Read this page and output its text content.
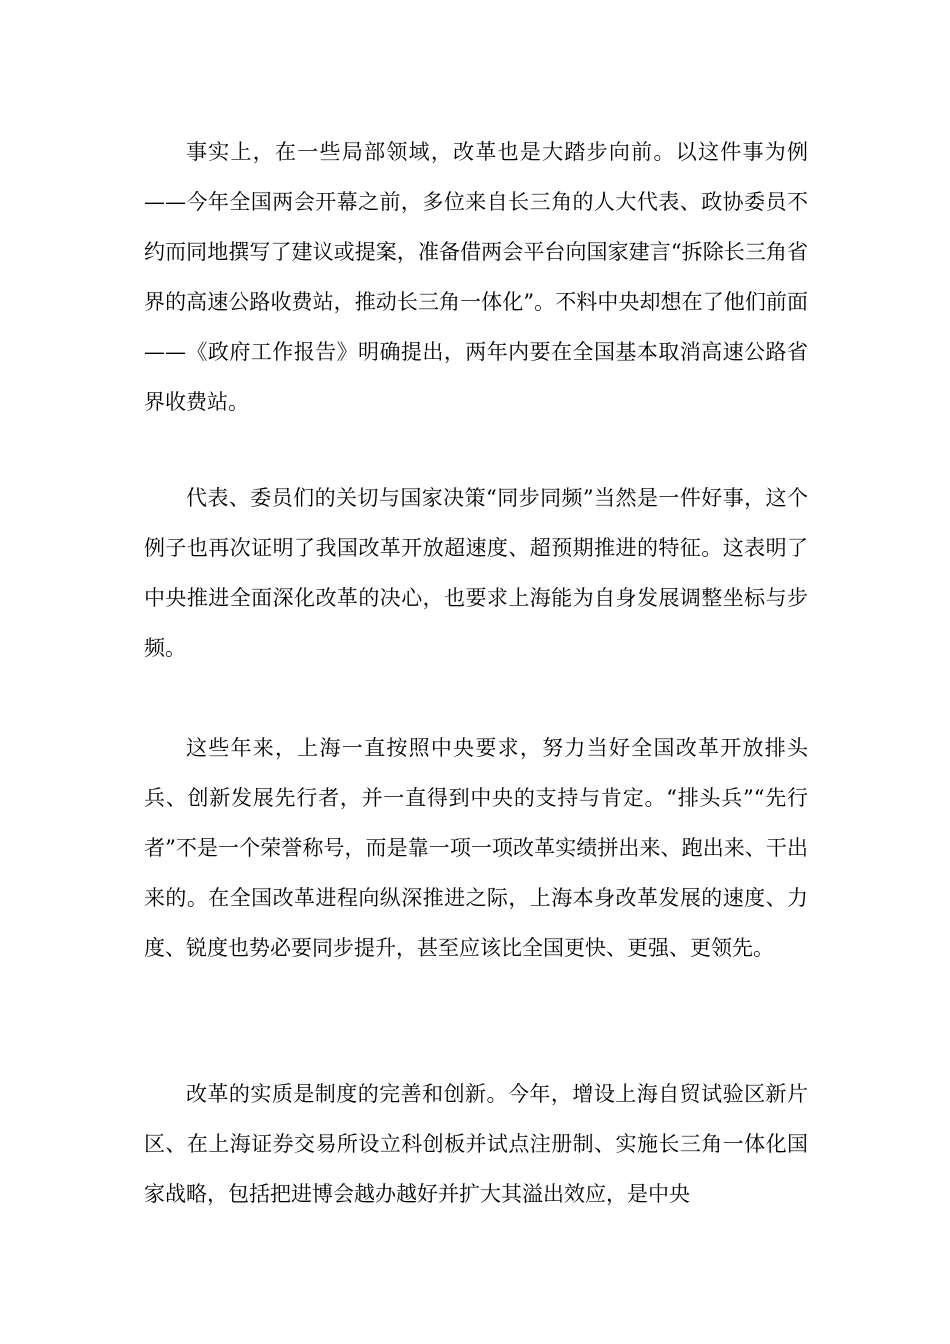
事实上，在一些局部领域，改革也是大踏步向前。以这件事为例——今年全国两会开幕之前，多位来自长三角的人大代表、政协委员不约而同地撰写了建议或提案，准备借两会平台向国家建言“拆除长三角省界的高速公路收费站，推动长三角一体化”。不料中央却想在了他们前面——《政府工作报告》明确提出，两年内要在全国基本取消高速公路省界收费站。

代表、委员们的关切与国家决策“同步同频”当然是一件好事，这个例子也再次证明了我国改革开放超速度、超预期推进的特征。这表明了中央推进全面深化改革的决心，也要求上海能为自身发展调整坐标与步频。

这些年来，上海一直按照中央要求，努力当好全国改革开放排头兵、创新发展先行者，并一直得到中央的支持与肯定。“排头兵”“先行者”不是一个荣誉称号，而是靠一项一项改革实绩拼出来、跑出来、干出来的。在全国改革进程向纵深推进之际，上海本身改革发展的速度、力度、锐度也势必要同步提升，甚至应该比全国更快、更强、更领先。

改革的实质是制度的完善和创新。今年，增设上海自贸试验区新片区、在上海证券交易所设立科创板并试点注册制、实施长三角一体化国家战略，包括把进博会越办越好并扩大其溢出效应，是中央
